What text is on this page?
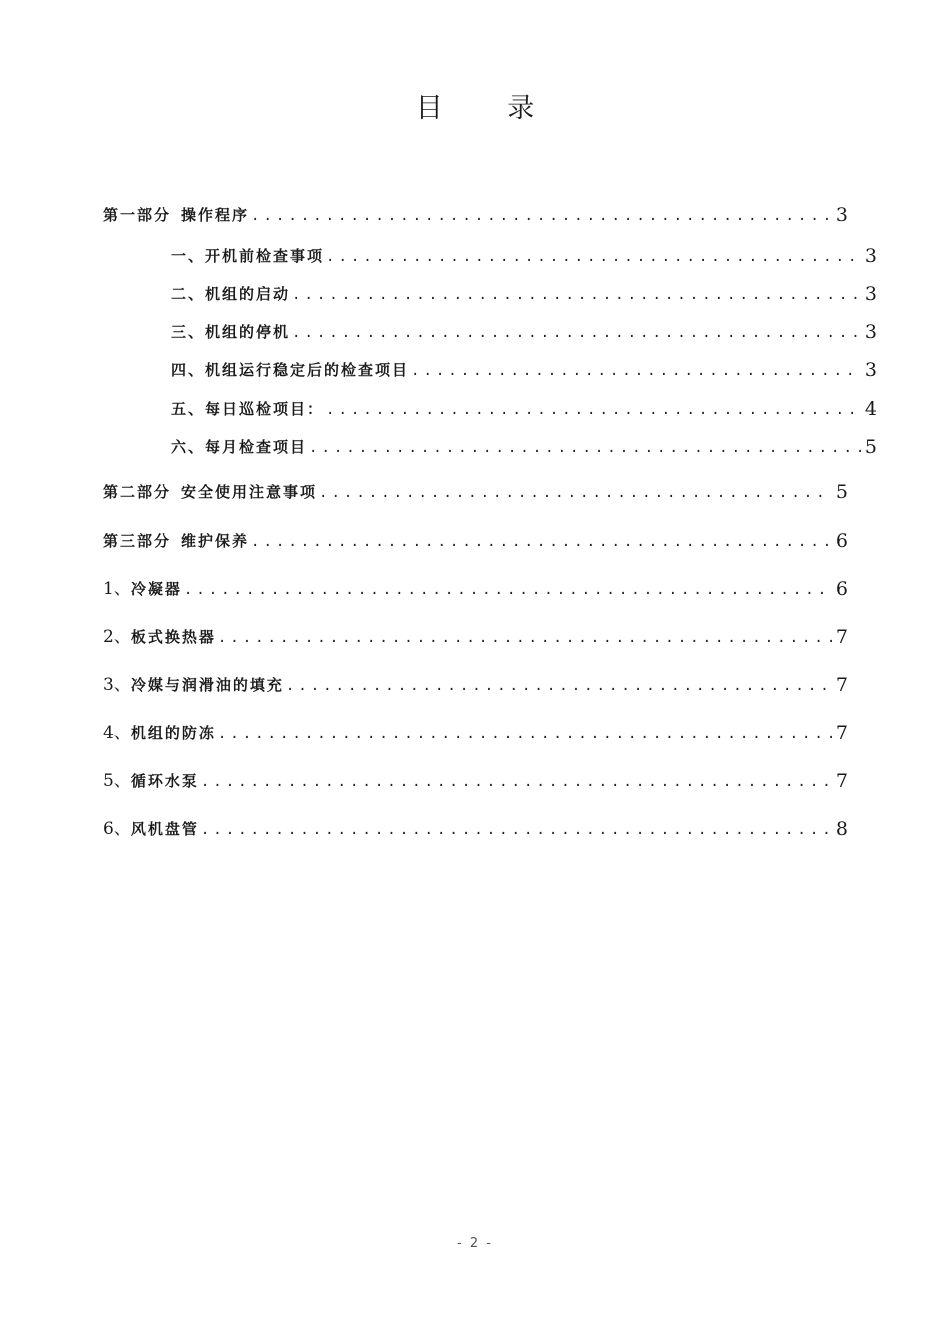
目 录
第一部分 操作程序 .....	3
一、开机前检查事项 .....	3
二、机组的启动 .....	3
三、机组的停机 .....	3
四、机组运行稳定后的检查项目 .....	3
五、每日巡检项目： .....	4
六、每月检查项目 .....	5
第二部分 安全使用注意事项 .....	5
第三部分 维护保养 .....	6
1、 冷凝器 .....	6
2、 板式换热器 .....	7
3、 冷媒与润滑油的填充 .....	7
4、 机组的防冻 .....	7
5、 循环水泵 .....	7
6、 风机盘管 .....	8
- 2 -
